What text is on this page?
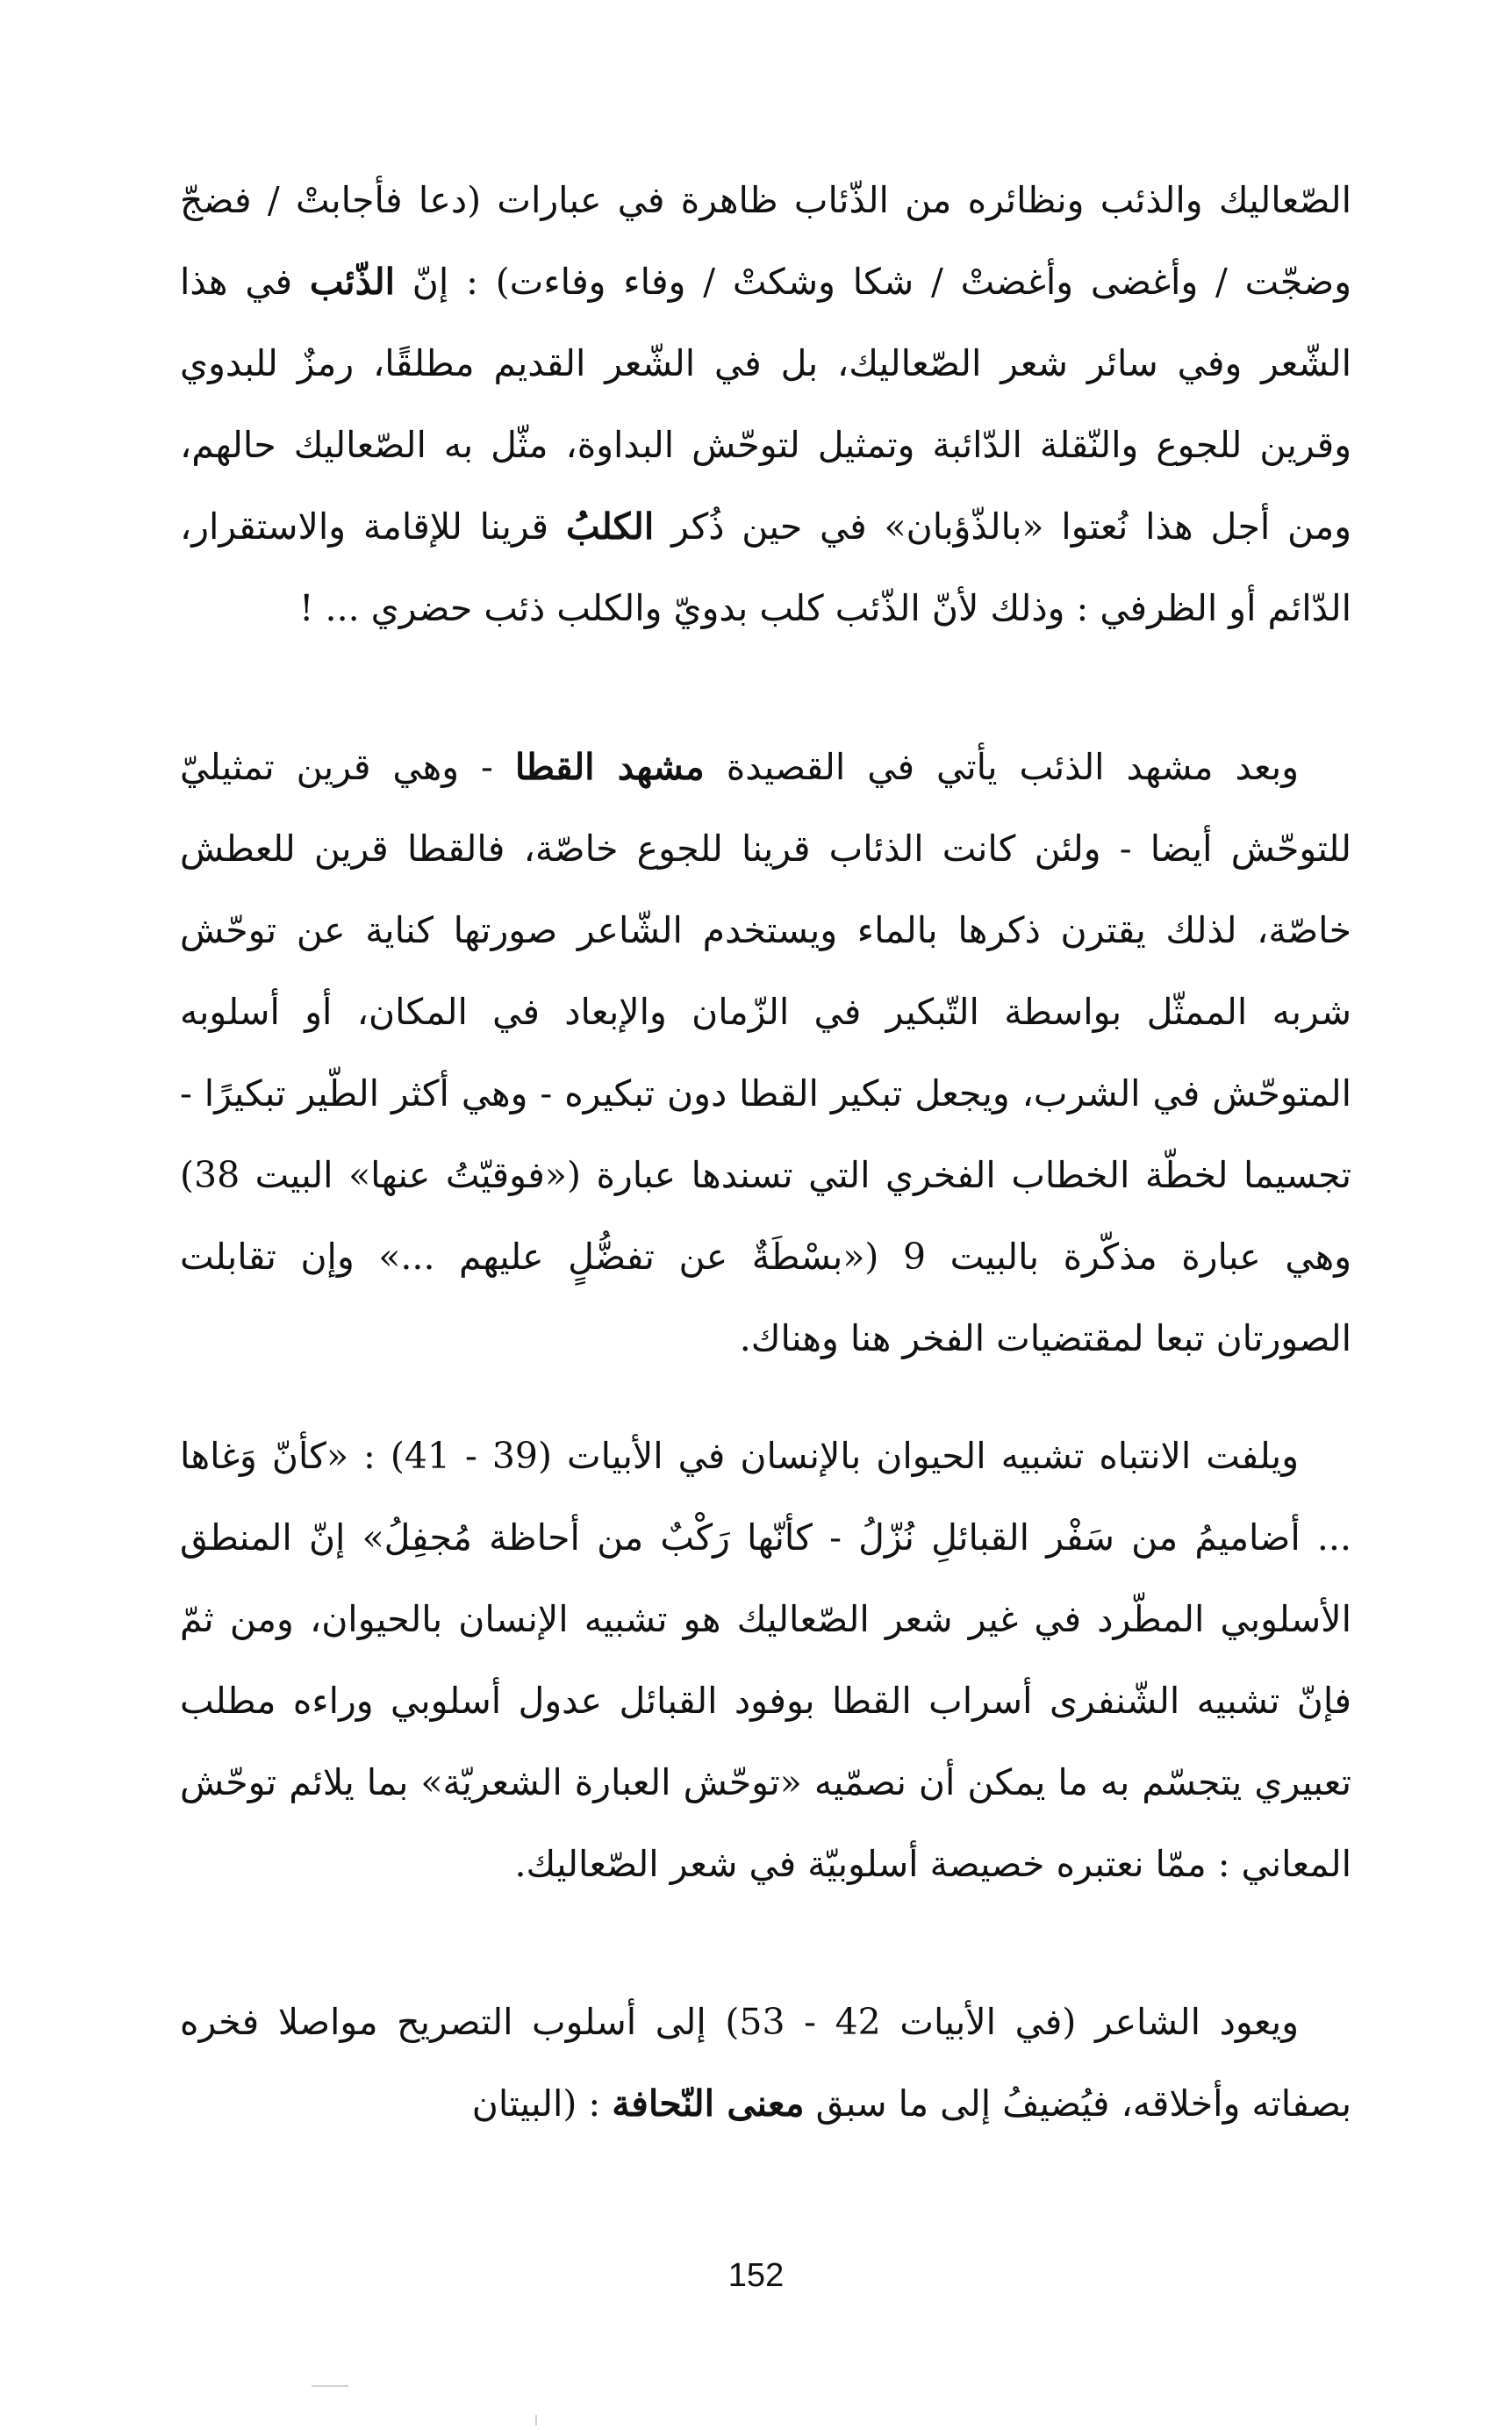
الصّعاليك والذئب ونظائره من الذّئاب ظاهرة في عبارات (دعا فأجابتْ / فضجّ وضجّت / وأغضى وأغضتْ / شكا وشكتْ / وفاء وفاءت) : إنّ الذّئب في هذا الشّعر وفي سائر شعر الصّعاليك، بل في الشّعر القديم مطلقًا، رمزٌ للبدوي وقرين للجوع والنّقلة الدّائبة وتمثيل لتوحّش البداوة، مثّل به الصّعاليك حالهم، ومن أجل هذا نُعتوا «بالذّؤبان» في حين ذُكر الكلبُ قرينا للإقامة والاستقرار، الدّائم أو الظرفي : وذلك لأنّ الذّئب كلب بدويّ والكلب ذئب حضري ... !

وبعد مشهد الذئب يأتي في القصيدة مشهد القطا - وهي قرين تمثيليّ للتوحّش أيضا - ولئن كانت الذئاب قرينا للجوع خاصّة، فالقطا قرين للعطش خاصّة، لذلك يقترن ذكرها بالماء ويستخدم الشّاعر صورتها كناية عن توحّش شربه الممثّل بواسطة التّبكير في الزّمان والإبعاد في المكان، أو أسلوبه المتوحّش في الشرب، ويجعل تبكير القطا دون تبكيره - وهي أكثر الطّير تبكيرًا - تجسيما لخطّة الخطاب الفخري التي تسندها عبارة («فوقيّتُ عنها» البيت 38) وهي عبارة مذكّرة بالبيت 9 («بسْطَةٌ عن تفضُّلٍ عليهم ...» وإن تقابلت الصورتان تبعا لمقتضيات الفخر هنا وهناك.

ويلفت الانتباه تشبيه الحيوان بالإنسان في الأبيات (39 - 41) : «كأنّ وَغاها ... أضاميمُ من سَفْر القبائلِ نُزّلُ - كأنّها رَكْبٌ من أحاظة مُجفِلُ» إنّ المنطق الأسلوبي المطّرد في غير شعر الصّعاليك هو تشبيه الإنسان بالحيوان، ومن ثمّ فإنّ تشبيه الشّنفرى أسراب القطا بوفود القبائل عدول أسلوبي وراءه مطلب تعبيري يتجسّم به ما يمكن أن نصمّيه «توحّش العبارة الشعريّة» بما يلائم توحّش المعاني : ممّا نعتبره خصيصة أسلوبيّة في شعر الصّعاليك.

ويعود الشاعر (في الأبيات 42 - 53) إلى أسلوب التصريح مواصلا فخره بصفاته وأخلاقه، فيُضيفُ إلى ما سبق معنى النّحافة : (البيتان

152
